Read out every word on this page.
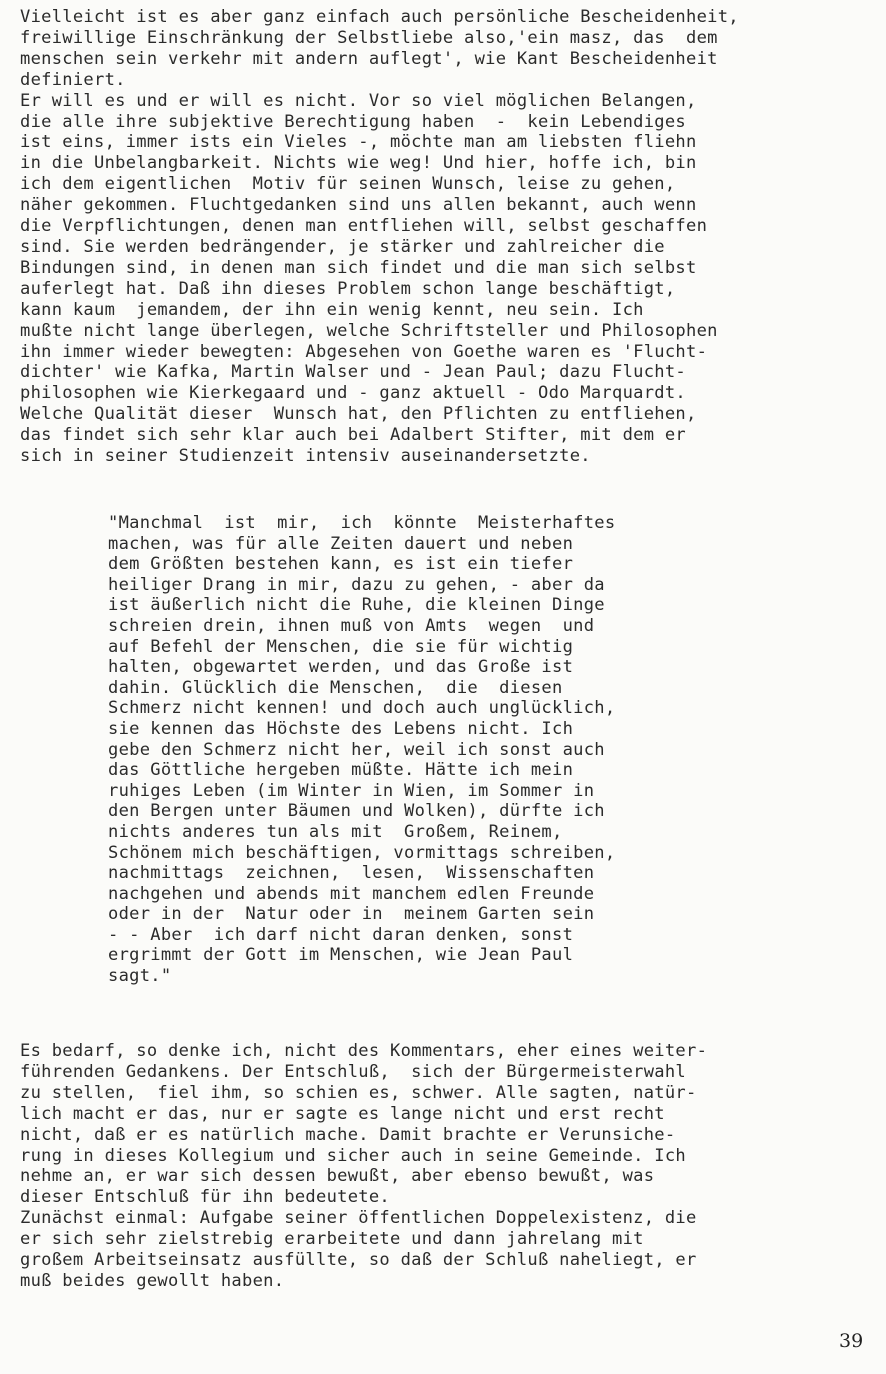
Vielleicht ist es aber ganz einfach auch persönliche Bescheidenheit,
freiwillige Einschränkung der Selbstliebe also,'ein masz, das  dem
menschen sein verkehr mit andern auflegt', wie Kant Bescheidenheit
definiert.
Er will es und er will es nicht. Vor so viel möglichen Belangen,
die alle ihre subjektive Berechtigung haben  -  kein Lebendiges
ist eins, immer ists ein Vieles -, möchte man am liebsten fliehn
in die Unbelangbarkeit. Nichts wie weg! Und hier, hoffe ich, bin
ich dem eigentlichen  Motiv für seinen Wunsch, leise zu gehen,
näher gekommen. Fluchtgedanken sind uns allen bekannt, auch wenn
die Verpflichtungen, denen man entfliehen will, selbst geschaffen
sind. Sie werden bedrängender, je stärker und zahlreicher die
Bindungen sind, in denen man sich findet und die man sich selbst
auferlegt hat. Daß ihn dieses Problem schon lange beschäftigt,
kann kaum  jemandem, der ihn ein wenig kennt, neu sein. Ich
mußte nicht lange überlegen, welche Schriftsteller und Philosophen
ihn immer wieder bewegten: Abgesehen von Goethe waren es 'Flucht-
dichter' wie Kafka, Martin Walser und - Jean Paul; dazu Flucht-
philosophen wie Kierkegaard und - ganz aktuell - Odo Marquardt.
Welche Qualität dieser  Wunsch hat, den Pflichten zu entfliehen,
das findet sich sehr klar auch bei Adalbert Stifter, mit dem er
sich in seiner Studienzeit intensiv auseinandersetzte.
"Manchmal  ist  mir,  ich  könnte  Meisterhaftes
machen, was für alle Zeiten dauert und neben
dem Größten bestehen kann, es ist ein tiefer
heiliger Drang in mir, dazu zu gehen, - aber da
ist äußerlich nicht die Ruhe, die kleinen Dinge
schreien drein, ihnen muß von Amts  wegen  und
auf Befehl der Menschen, die sie für wichtig
halten, obgewartet werden, und das Große ist
dahin. Glücklich die Menschen,  die  diesen
Schmerz nicht kennen! und doch auch unglücklich,
sie kennen das Höchste des Lebens nicht. Ich
gebe den Schmerz nicht her, weil ich sonst auch
das Göttliche hergeben müßte. Hätte ich mein
ruhiges Leben (im Winter in Wien, im Sommer in
den Bergen unter Bäumen und Wolken), dürfte ich
nichts anderes tun als mit  Großem, Reinem,
Schönem mich beschäftigen, vormittags schreiben,
nachmittags  zeichnen,  lesen,  Wissenschaften
nachgehen und abends mit manchem edlen Freunde
oder in der  Natur oder in  meinem Garten sein
- - Aber  ich darf nicht daran denken, sonst
ergrimmt der Gott im Menschen, wie Jean Paul
sagt."
Es bedarf, so denke ich, nicht des Kommentars, eher eines weiter-
führenden Gedankens. Der Entschluß,  sich der Bürgermeisterwahl
zu stellen,  fiel ihm, so schien es, schwer. Alle sagten, natür-
lich macht er das, nur er sagte es lange nicht und erst recht
nicht, daß er es natürlich mache. Damit brachte er Verunsiche-
rung in dieses Kollegium und sicher auch in seine Gemeinde. Ich
nehme an, er war sich dessen bewußt, aber ebenso bewußt, was
dieser Entschluß für ihn bedeutete.
Zunächst einmal: Aufgabe seiner öffentlichen Doppelexistenz, die
er sich sehr zielstrebig erarbeitete und dann jahrelang mit
großem Arbeitseinsatz ausfüllte, so daß der Schluß naheliegt, er
muß beides gewollt haben.
39
